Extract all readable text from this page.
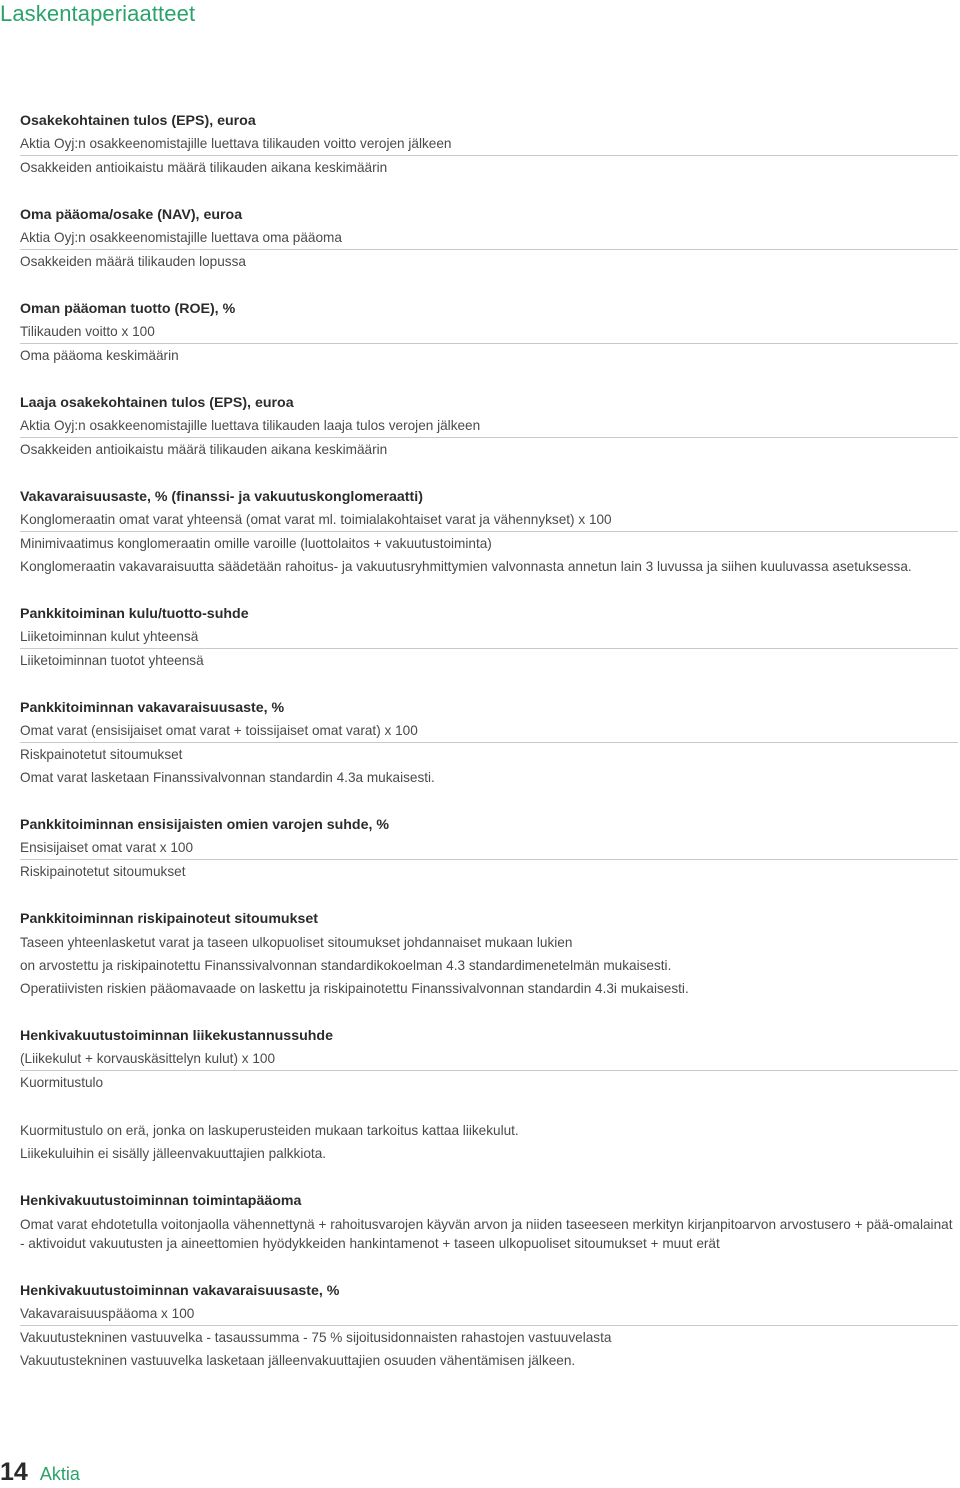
Laskentaperiaatteet
Osakekohtainen tulos (EPS), euroa
Aktia Oyj:n osakkeenomistajille luettava tilikauden voitto verojen jälkeen
Osakkeiden antioikaistu määrä tilikauden aikana keskimäärin
Oma pääoma/osake (NAV), euroa
Aktia Oyj:n osakkeenomistajille luettava oma pääoma
Osakkeiden määrä tilikauden lopussa
Oman pääoman tuotto (ROE), %
Tilikauden voitto x 100
Oma pääoma keskimäärin
Laaja osakekohtainen tulos (EPS), euroa
Aktia Oyj:n osakkeenomistajille luettava tilikauden laaja tulos verojen jälkeen
Osakkeiden antioikaistu määrä tilikauden aikana keskimäärin
Vakavaraisuusaste, % (finanssi- ja vakuutuskonglomeraatti)
Konglomeraatin omat varat yhteensä (omat varat ml. toimialakohtaiset varat ja vähennykset) x 100
Minimivaatimus konglomeraatin omille varoille (luottolaitos + vakuutustoiminta)
Konglomeraatin vakavaraisuutta säädetään rahoitus- ja vakuutusryhmittymien valvonnasta annetun lain 3 luvussa ja siihen kuuluvassa asetuksessa.
Pankkitoiminan kulu/tuotto-suhde
Liiketoiminnan kulut yhteensä
Liiketoiminnan tuotot yhteensä
Pankkitoiminnan vakavaraisuusaste, %
Omat varat (ensisijaiset omat varat + toissijaiset omat varat) x 100
Riskpainotetut sitoumukset
Omat varat lasketaan Finanssivalvonnan standardin 4.3a mukaisesti.
Pankkitoiminnan ensisijaisten omien varojen suhde, %
Ensisijaiset omat varat x 100
Riskipainotetut sitoumukset
Pankkitoiminnan riskipainoteut sitoumukset
Taseen yhteenlasketut varat ja taseen ulkopuoliset sitoumukset johdannaiset mukaan lukien
on arvostettu ja riskipainotettu Finanssivalvonnan standardikokoelman 4.3 standardimenetelmän mukaisesti.
Operatiivisten riskien pääomavaade on laskettu ja riskipainotettu Finanssivalvonnan standardin 4.3i mukaisesti.
Henkivakuutustoiminnan liikekustannussuhde
(Liikekulut + korvauskäsittelyn kulut) x 100
Kuormitustulo
Kuormitustulo on erä, jonka on laskuperusteiden mukaan tarkoitus kattaa liikekulut.
Liikekuluihin ei sisälly jälleenvakuuttajien palkkiota.
Henkivakuutustoiminnan toimintapääoma
Omat varat ehdotetulla voitonjaolla vähennettynä + rahoitusvarojen käyvän arvon ja niiden taseeseen merkityn kirjanpitoarvon arvostusero + pää-omalainat - aktivoidut vakuutusten ja aineettomien hyödykkeiden hankintamenot + taseen ulkopuoliset sitoumukset + muut erät
Henkivakuutustoiminnan vakavaraisuusaste, %
Vakavaraisuuspääoma x 100
Vakuutustekninen vastuuvelka - tasaussumma - 75 % sijoitusidonnaisten rahastojen vastuuvelasta
Vakuutustekninen vastuuvelka lasketaan jälleenvakuuttajien osuuden vähentämisen jälkeen.
14 Aktia
